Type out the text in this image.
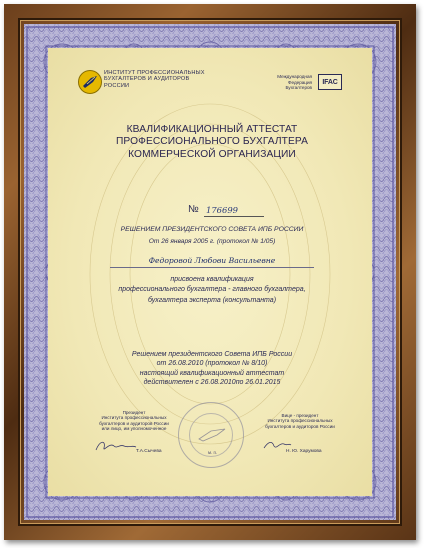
ИНСТИТУТ ПРОФЕССИОНАЛЬНЫХ
БУХГАЛТЕРОВ И АУДИТОРОВ
РОССИИ
Международная
Федерация
Бухгалтеров
IFAC
КВАЛИФИКАЦИОННЫЙ АТТЕСТАТ
ПРОФЕССИОНАЛЬНОГО БУХГАЛТЕРА
КОММЕРЧЕСКОЙ ОРГАНИЗАЦИИ
№ 176699
РЕШЕНИЕМ ПРЕЗИДЕНТСКОГО СОВЕТА ИПБ РОССИИ
От 26 января 2005 г. (протокол № 1/05)
Федоровой Любови Васильевне
присвоена квалификация
профессионального бухгалтера - главного бухгалтера,
бухгалтера эксперта (консультанта)
Решением президентского Совета ИПБ России
от 26.08.2010 (протокол № 8/10)
настоящий квалификационный аттестат
действителен с 26.08.2010по 26.01.2015
Президент
Института профессиональных
бухгалтеров и аудиторов России
или лицо, им уполномоченное
Т.А.Сычева	м. п.
Вице - президент
Института профессиональных
бухгалтеров и аудиторов России
Н. Ю. Харумова
